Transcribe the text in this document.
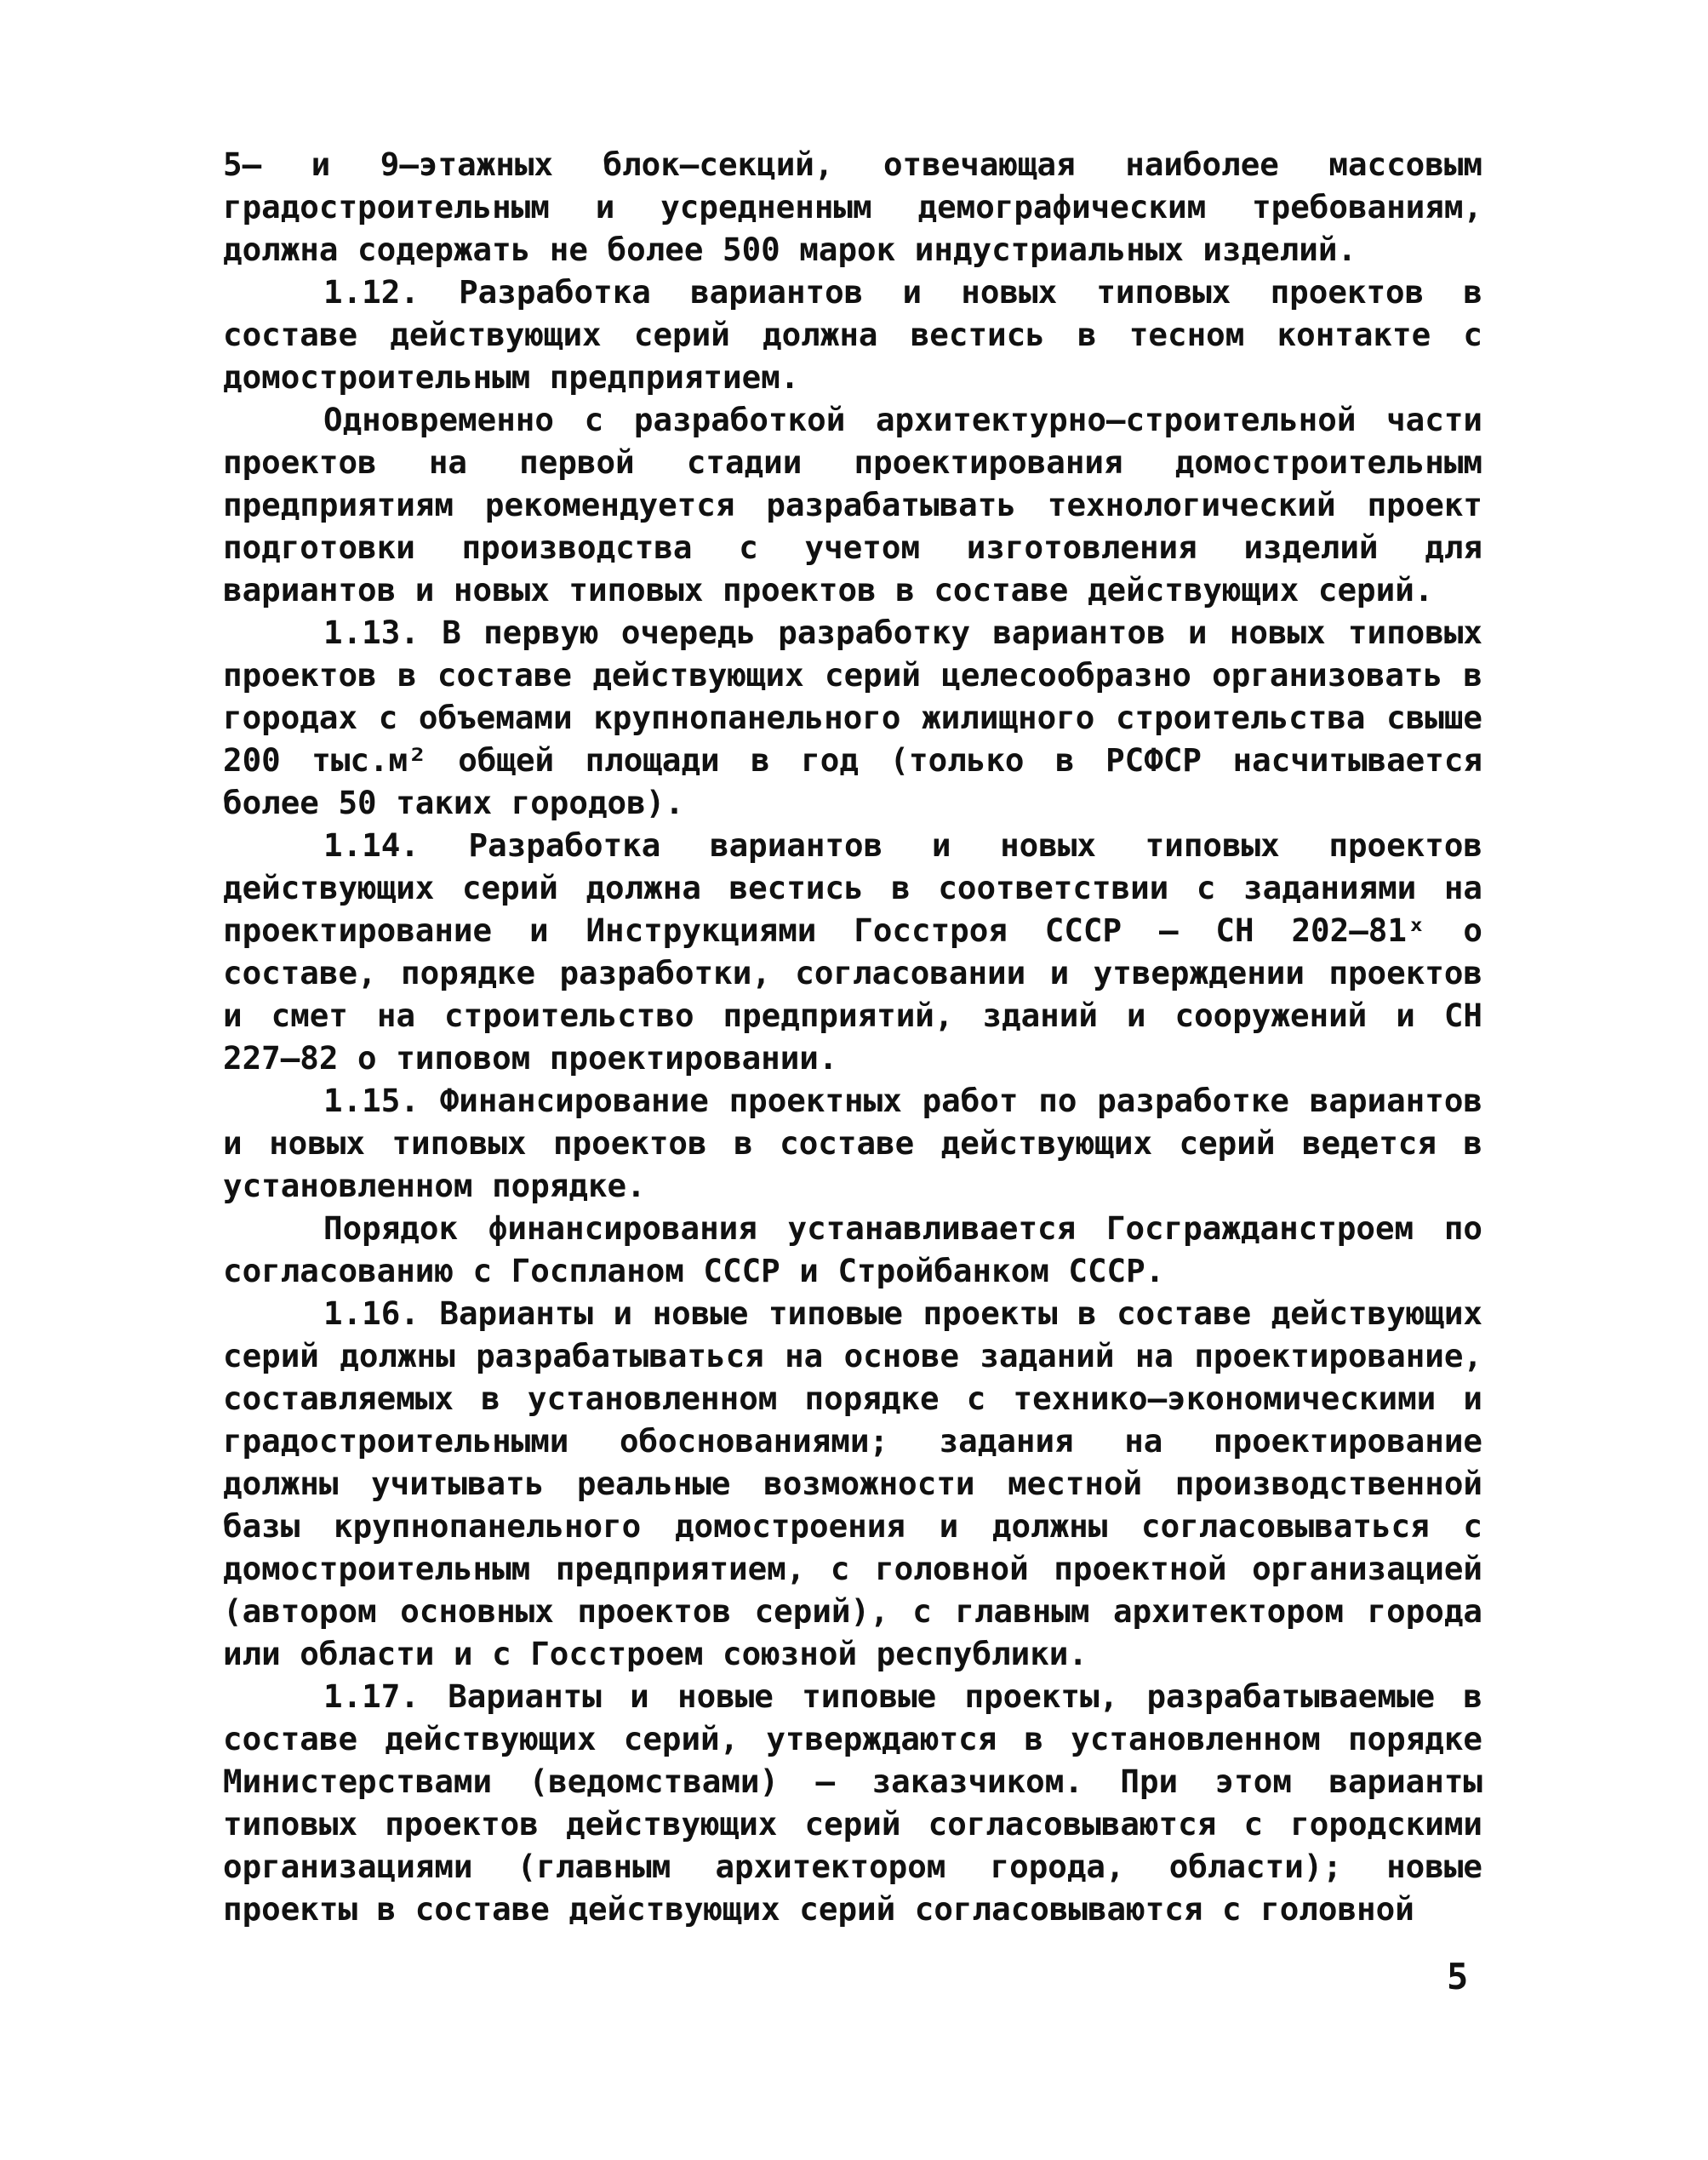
5– и 9–этажных блок–секций, отвечающая наиболее массовым градостроительным и усредненным демографическим требованиям, должна содержать не более 500 марок индустриальных изделий.

1.12. Разработка вариантов и новых типовых проектов в составе действующих серий должна вестись в тесном контакте с домостроительным предприятием.

Одновременно с разработкой архитектурно–строительной части проектов на первой стадии проектирования домостроительным предприятиям рекомендуется разрабатывать технологический проект подготовки производства с учетом изготовления изделий для вариантов и новых типовых проектов в составе действующих серий.

1.13. В первую очередь разработку вариантов и новых типовых проектов в составе действующих серий целесообразно организовать в городах с объемами крупнопанельного жилищного строительства свыше 200 тыс.м² общей площади в год (только в РСФСР насчитывается более 50 таких городов).

1.14. Разработка вариантов и новых типовых проектов действующих серий должна вестись в соответствии с заданиями на проектирование и Инструкциями Госстроя СССР – СН 202–81ˣ о составе, порядке разработки, согласовании и утверждении проектов и смет на строительство предприятий, зданий и сооружений и СН 227–82 о типовом проектировании.

1.15. Финансирование проектных работ по разработке вариантов и новых типовых проектов в составе действующих серий ведется в установленном порядке.

Порядок финансирования устанавливается Госгражданстроем по согласованию с Госпланом СССР и Стройбанком СССР.

1.16. Варианты и новые типовые проекты в составе действующих серий должны разрабатываться на основе заданий на проектирование, составляемых в установленном порядке с технико–экономическими и градостроительными обоснованиями; задания на проектирование должны учитывать реальные возможности местной производственной базы крупнопанельного домостроения и должны согласовываться с домостроительным предприятием, с головной проектной организацией (автором основных проектов серий), с главным архитектором города или области и с Госстроем союзной республики.

1.17. Варианты и новые типовые проекты, разрабатываемые в составе действующих серий, утверждаются в установленном порядке Министерствами (ведомствами) – заказчиком. При этом варианты типовых проектов действующих серий согласовываются с городскими организациями (главным архитектором города, области); новые проекты в составе действующих серий согласовываются с головной

5
